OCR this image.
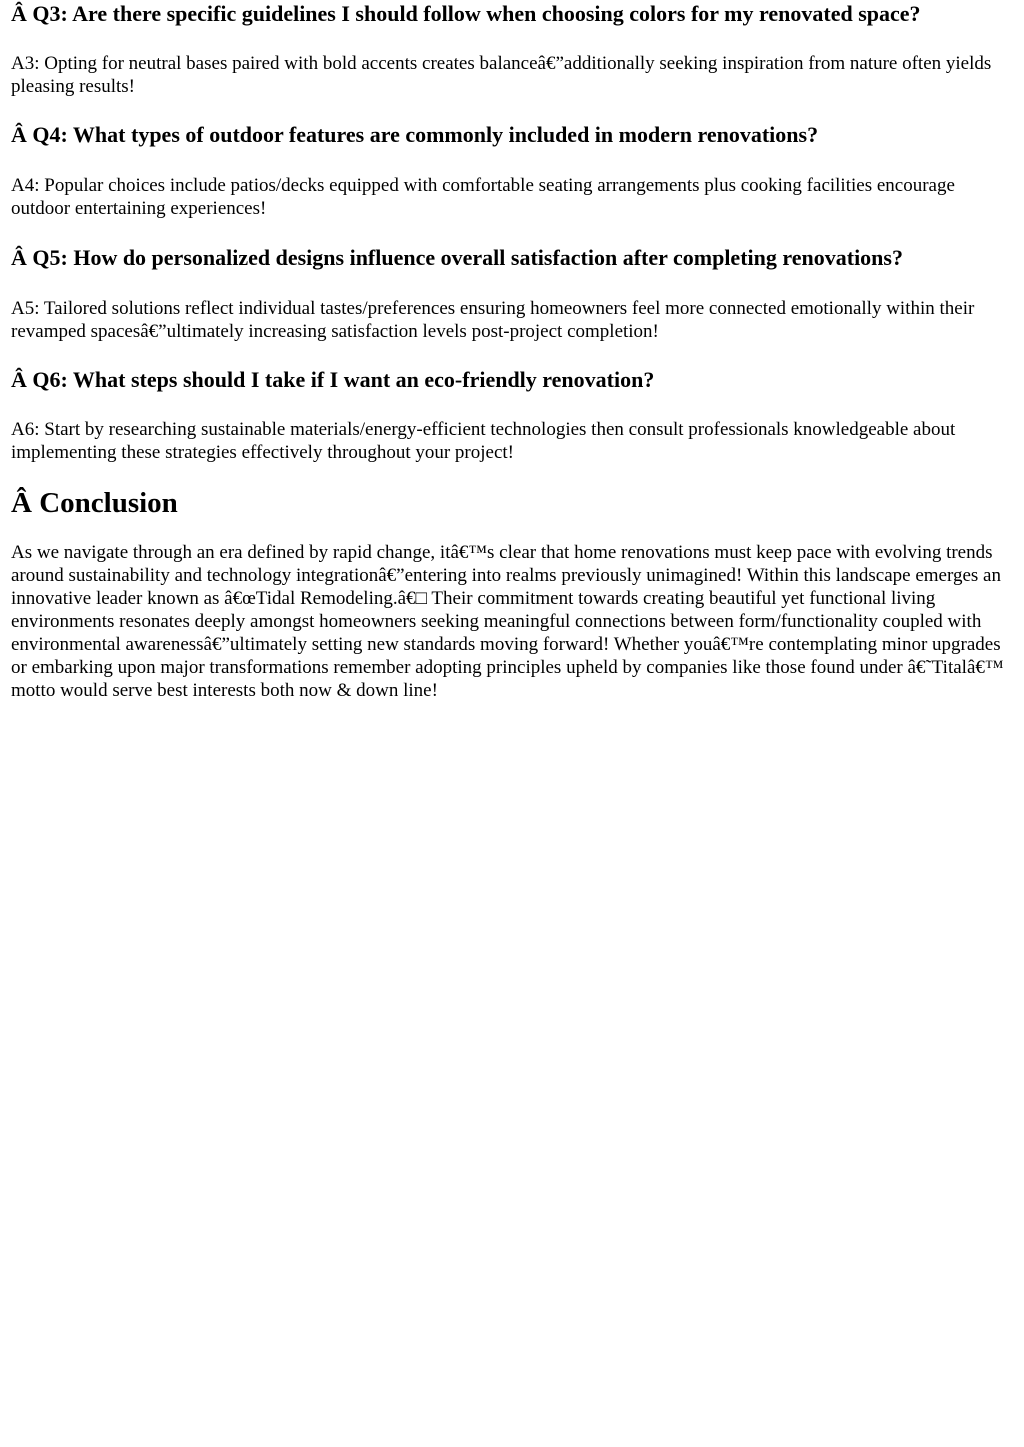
Â Q3: Are there specific guidelines I should follow when choosing colors for my renovated space?

A3: Opting for neutral bases paired with bold accents creates balanceâ€”additionally seeking inspiration from nature often yields pleasing results!

Â Q4: What types of outdoor features are commonly included in modern renovations?

A4: Popular choices include patios/decks equipped with comfortable seating arrangements plus cooking facilities encourage outdoor entertaining experiences!

Â Q5: How do personalized designs influence overall satisfaction after completing renovations?

A5: Tailored solutions reflect individual tastes/preferences ensuring homeowners feel more connected emotionally within their revamped spacesâ€”ultimately increasing satisfaction levels post-project completion!

Â Q6: What steps should I take if I want an eco-friendly renovation?

A6: Start by researching sustainable materials/energy-efficient technologies then consult professionals knowledgeable about implementing these strategies effectively throughout your project!

Â Conclusion

As we navigate through an era defined by rapid change, itâ€™s clear that home renovations must keep pace with evolving trends around sustainability and technology integrationâ€”entering into realms previously unimagined! Within this landscape emerges an innovative leader known as â€œTidal Remodeling.â€□ Their commitment towards creating beautiful yet functional living environments resonates deeply amongst homeowners seeking meaningful connections between form/functionality coupled with environmental awarenessâ€”ultimately setting new standards moving forward! Whether youâ€™re contemplating minor upgrades or embarking upon major transformations remember adopting principles upheld by companies like those found under â€˜Titalâ€™ motto would serve best interests both now & down line!
